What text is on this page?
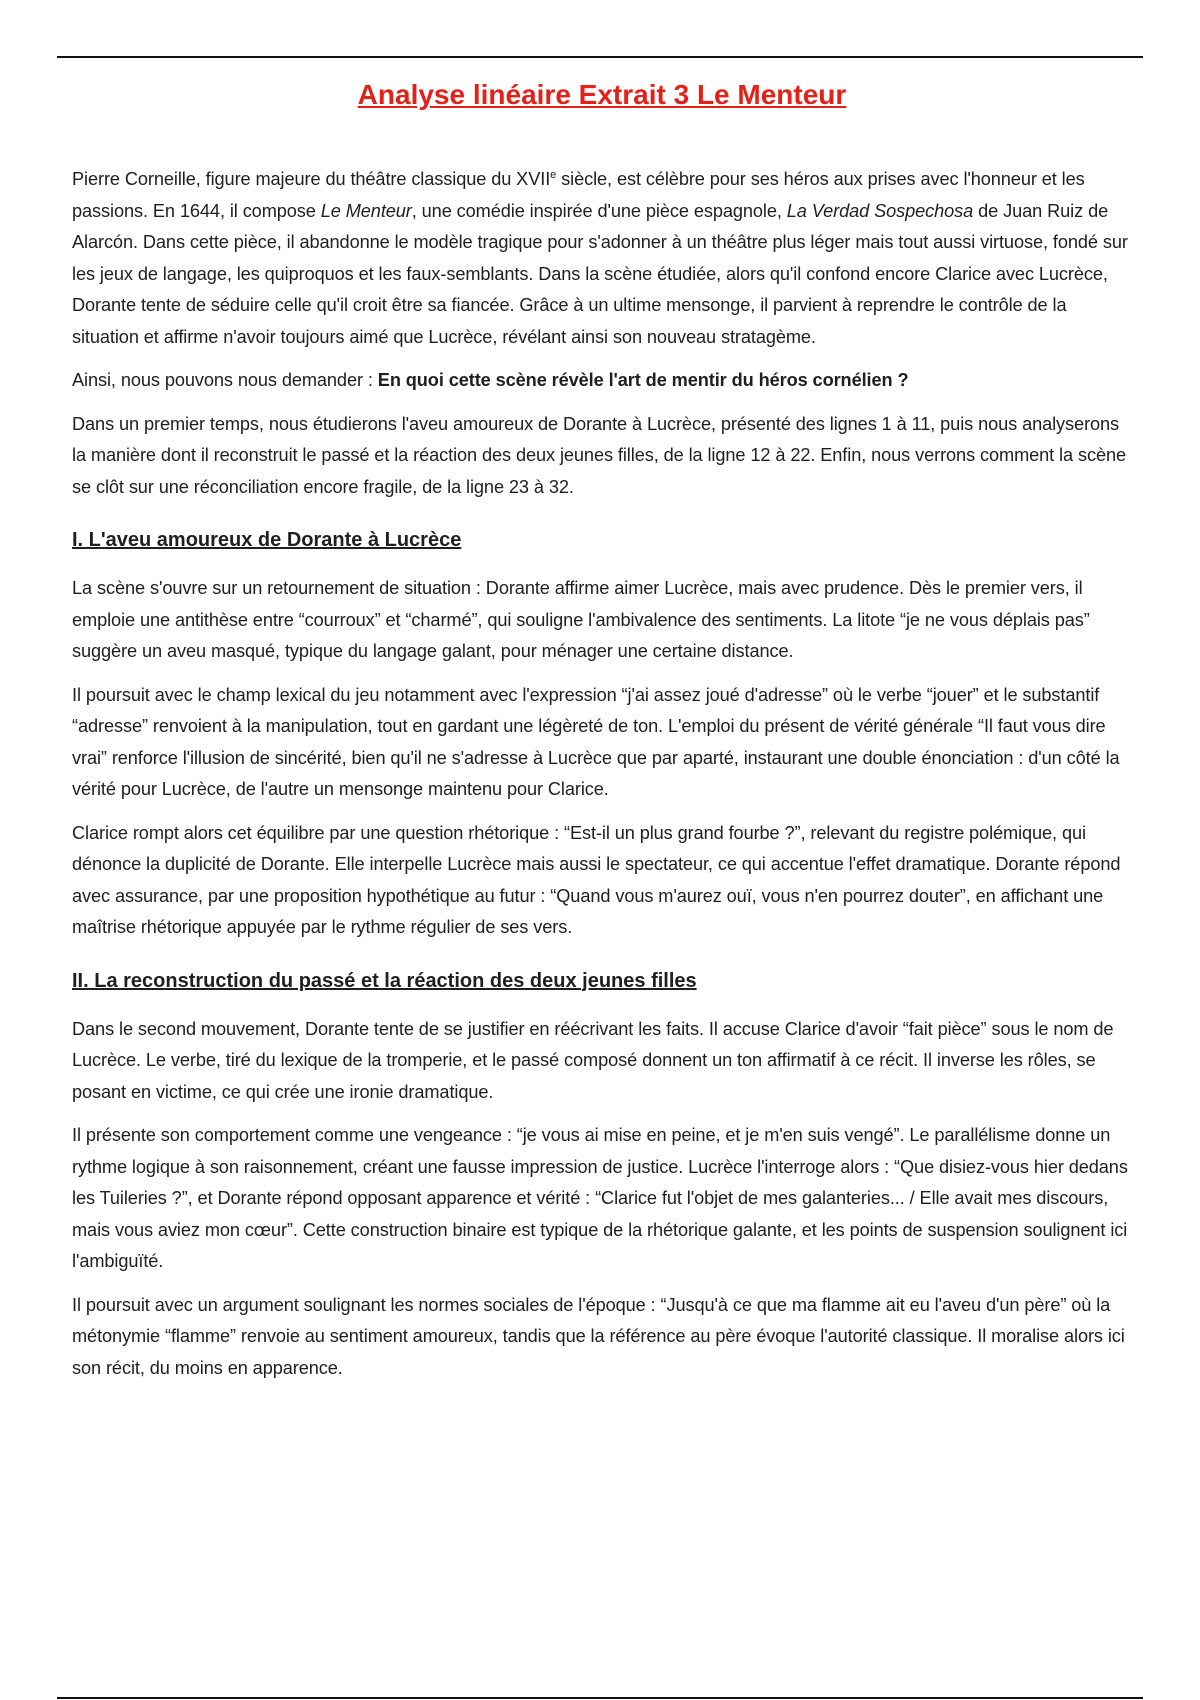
Analyse linéaire Extrait 3 Le Menteur

Pierre Corneille, figure majeure du théâtre classique du XVIIe siècle, est célèbre pour ses héros aux prises avec l'honneur et les passions. En 1644, il compose Le Menteur, une comédie inspirée d'une pièce espagnole, La Verdad Sospechosa de Juan Ruiz de Alarcón. Dans cette pièce, il abandonne le modèle tragique pour s'adonner à un théâtre plus léger mais tout aussi virtuose, fondé sur les jeux de langage, les quiproquos et les faux-semblants. Dans la scène étudiée, alors qu'il confond encore Clarice avec Lucrèce, Dorante tente de séduire celle qu'il croit être sa fiancée. Grâce à un ultime mensonge, il parvient à reprendre le contrôle de la situation et affirme n'avoir toujours aimé que Lucrèce, révélant ainsi son nouveau stratagème.

Ainsi, nous pouvons nous demander : En quoi cette scène révèle l'art de mentir du héros cornélien ?

Dans un premier temps, nous étudierons l'aveu amoureux de Dorante à Lucrèce, présenté des lignes 1 à 11, puis nous analyserons la manière dont il reconstruit le passé et la réaction des deux jeunes filles, de la ligne 12 à 22. Enfin, nous verrons comment la scène se clôt sur une réconciliation encore fragile, de la ligne 23 à 32.

I. L'aveu amoureux de Dorante à Lucrèce

La scène s'ouvre sur un retournement de situation : Dorante affirme aimer Lucrèce, mais avec prudence. Dès le premier vers, il emploie une antithèse entre “courroux” et “charmé”, qui souligne l'ambivalence des sentiments. La litote “je ne vous déplais pas” suggère un aveu masqué, typique du langage galant, pour ménager une certaine distance.

Il poursuit avec le champ lexical du jeu notamment avec l'expression “j'ai assez joué d'adresse” où le verbe “jouer” et le substantif “adresse” renvoient à la manipulation, tout en gardant une légèreté de ton. L'emploi du présent de vérité générale “Il faut vous dire vrai” renforce l'illusion de sincérité, bien qu'il ne s'adresse à Lucrèce que par aparté, instaurant une double énonciation : d'un côté la vérité pour Lucrèce, de l'autre un mensonge maintenu pour Clarice.

Clarice rompt alors cet équilibre par une question rhétorique : “Est-il un plus grand fourbe ?”, relevant du registre polémique, qui dénonce la duplicité de Dorante. Elle interpelle Lucrèce mais aussi le spectateur, ce qui accentue l'effet dramatique. Dorante répond avec assurance, par une proposition hypothétique au futur : “Quand vous m'aurez ouï, vous n'en pourrez douter”, en affichant une maîtrise rhétorique appuyée par le rythme régulier de ses vers.

II. La reconstruction du passé et la réaction des deux jeunes filles

Dans le second mouvement, Dorante tente de se justifier en réécrivant les faits. Il accuse Clarice d'avoir “fait pièce” sous le nom de Lucrèce. Le verbe, tiré du lexique de la tromperie, et le passé composé donnent un ton affirmatif à ce récit. Il inverse les rôles, se posant en victime, ce qui crée une ironie dramatique.

Il présente son comportement comme une vengeance : “je vous ai mise en peine, et je m'en suis vengé”. Le parallélisme donne un rythme logique à son raisonnement, créant une fausse impression de justice. Lucrèce l'interroge alors : “Que disiez-vous hier dedans les Tuileries ?”, et Dorante répond opposant apparence et vérité : “Clarice fut l'objet de mes galanteries... / Elle avait mes discours, mais vous aviez mon cœur”. Cette construction binaire est typique de la rhétorique galante, et les points de suspension soulignent ici l'ambiguïté.

Il poursuit avec un argument soulignant les normes sociales de l'époque : “Jusqu'à ce que ma flamme ait eu l'aveu d'un père” où la métonymie “flamme” renvoie au sentiment amoureux, tandis que la référence au père évoque l'autorité classique. Il moralise alors ici son récit, du moins en apparence.
